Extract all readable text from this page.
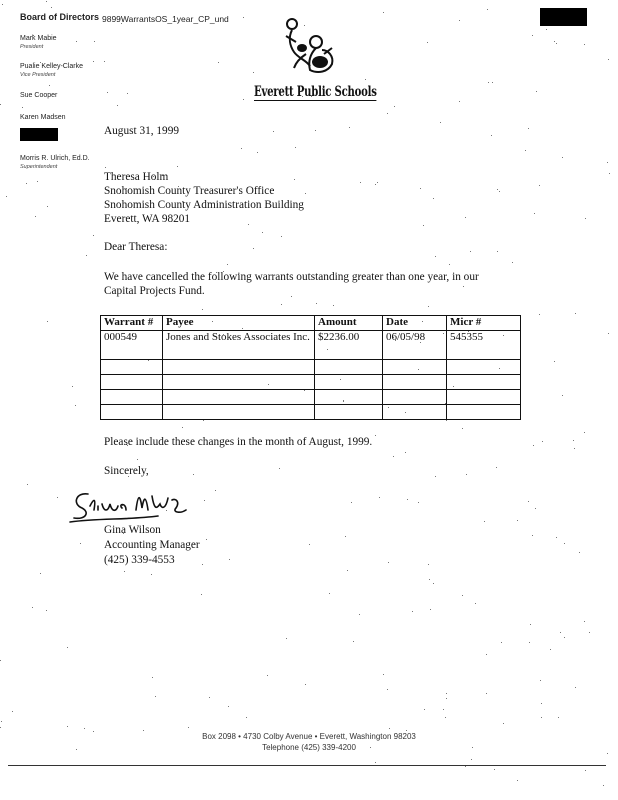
Board of Directors
Mark Mabie
President
Pualie Kelley-Clarke
Vice President
Sue Cooper
Karen Madsen
Morris R. Ulrich, Ed.D.
Superintendent
9899WarrantsOS_1year_CP_und
Everett Public Schools
August 31, 1999
Theresa Holm
Snohomish County Treasurer's Office
Snohomish County Administration Building
Everett, WA 98201
Dear Theresa:
We have cancelled the following warrants outstanding greater than one year, in our
Capital Projects Fund.
Warrant #	Payee	Amount	Date	Micr #
000549	Jones and Stokes Associates Inc.	$2236.00	06/05/98	545355

Please include these changes in the month of August, 1999.
Sincerely,
Gina Wilson
Accounting Manager
(425) 339-4553
Box 2098 • 4730 Colby Avenue • Everett, Washington 98203
Telephone (425) 339-4200
